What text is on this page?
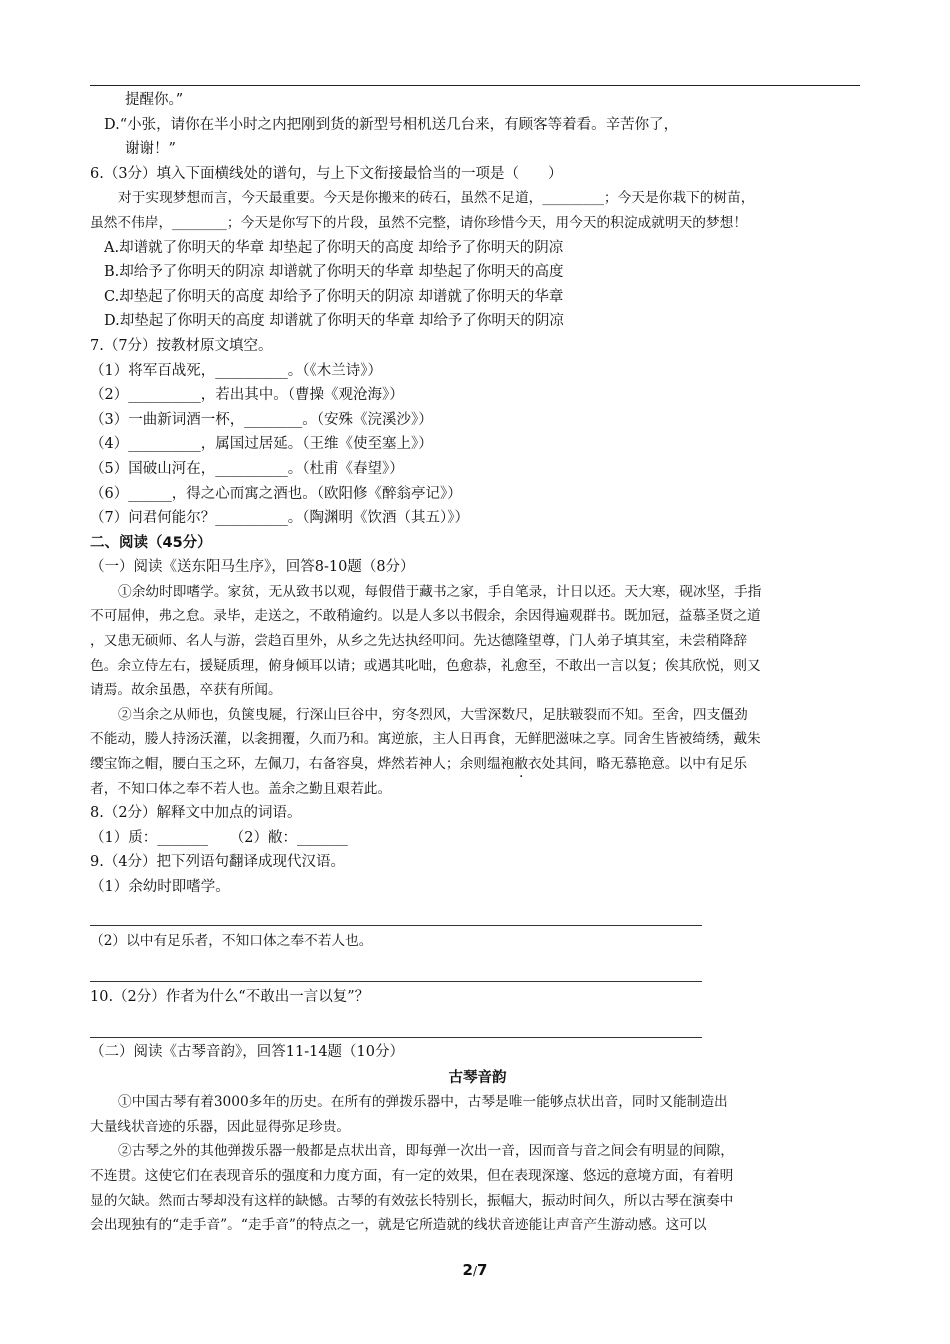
提醒你。”
D.“小张，请你在半小时之内把刚到货的新型号相机送几台来，有顾客等着看。辛苦你了，
谢谢！”
6.（3分）填入下面横线处的谱句，与上下文衔接最恰当的一项是（　　）
对于实现梦想而言，今天最重要。今天是你搬来的砖石，虽然不足道，_________；今天是你栽下的树苗，
虽然不伟岸，________；今天是你写下的片段，虽然不完整，请你珍惜今天，用今天的积淀成就明天的梦想！
A.却谱就了你明天的华章 却垫起了你明天的高度 却给予了你明天的阴凉
B.却给予了你明天的阴凉 却谱就了你明天的华章 却垫起了你明天的高度
C.却垫起了你明天的高度 却给予了你明天的阴凉 却谱就了你明天的华章
D.却垫起了你明天的高度 却谱就了你明天的华章 却给予了你明天的阴凉
7.（7分）按教材原文填空。
（1）将军百战死，__________。（《木兰诗》）
（2）__________，若出其中。（曹操《观沧海》）
（3）一曲新词酒一杯，________。（安殊《浣溪沙》）
（4）__________，属国过居延。（王维《使至塞上》）
（5）国破山河在，__________。（杜甫《春望》）
（6）______，得之心而寓之酒也。（欧阳修《醉翁亭记》）
（7）问君何能尔？__________。（陶渊明《饮酒（其五）》）
二、阅读（45分）
（一）阅读《送东阳马生序》，回答8-10题（8分）
①余幼时即嗜学。家贫，无从致书以观，每假借于藏书之家，手自笔录，计日以还。天大寒，砚冰坚，手指
不可屈伸，弗之怠。录毕，走送之，不敢稍逾约。以是人多以书假余，余因得遍观群书。既加冠，益慕圣贤之道
，又患无硕师、名人与游，尝趋百里外，从乡之先达执经叩问。先达德隆望尊，门人弟子填其室，未尝稍降辞
色。余立侍左右，援疑质理，俯身倾耳以请；或遇其叱咄，色愈恭，礼愈至，不敢出一言以复；俟其欣悦，则又
请焉。故余虽愚，卒获有所闻。
②当余之从师也，负箧曳屣，行深山巨谷中，穷冬烈风，大雪深数尺，足肤皲裂而不知。至舍，四支僵劲
不能动，媵人持汤沃灌，以衾拥覆，久而乃和。寓逆旅，主人日再食，无鲜肥滋味之享。同舍生皆被绮绣，戴朱
缨宝饰之帽，腰白玉之环，左佩刀，右备容臭，烨然若神人；余则缊袍敝衣处其间，略无慕艳意。以中有足乐
者，不知口体之奉不若人也。盖余之勤且艰若此。
8.（2分）解释文中加点的词语。
（1）质：_______　　（2）敝：_______
9.（4分）把下列语句翻译成现代汉语。
（1）余幼时即嗜学。
（2）以中有足乐者，不知口体之奉不若人也。
10.（2分）作者为什么“不敢出一言以复”？
（二）阅读《古琴音韵》，回答11-14题（10分）
古琴音韵
①中国古琴有着3000多年的历史。在所有的弹拨乐器中，古琴是唯一能够点状出音，同时又能制造出
大量线状音迹的乐器，因此显得弥足珍贵。
②古琴之外的其他弹拨乐器一般都是点状出音，即每弹一次出一音，因而音与音之间会有明显的间隙，
不连贯。这使它们在表现音乐的强度和力度方面，有一定的效果，但在表现深邃、悠远的意境方面，有着明
显的欠缺。然而古琴却没有这样的缺憾。古琴的有效弦长特别长，振幅大，振动时间久，所以古琴在演奏中
会出现独有的“走手音”。“走手音”的特点之一，就是它所造就的线状音迹能让声音产生游动感。这可以
2/7
